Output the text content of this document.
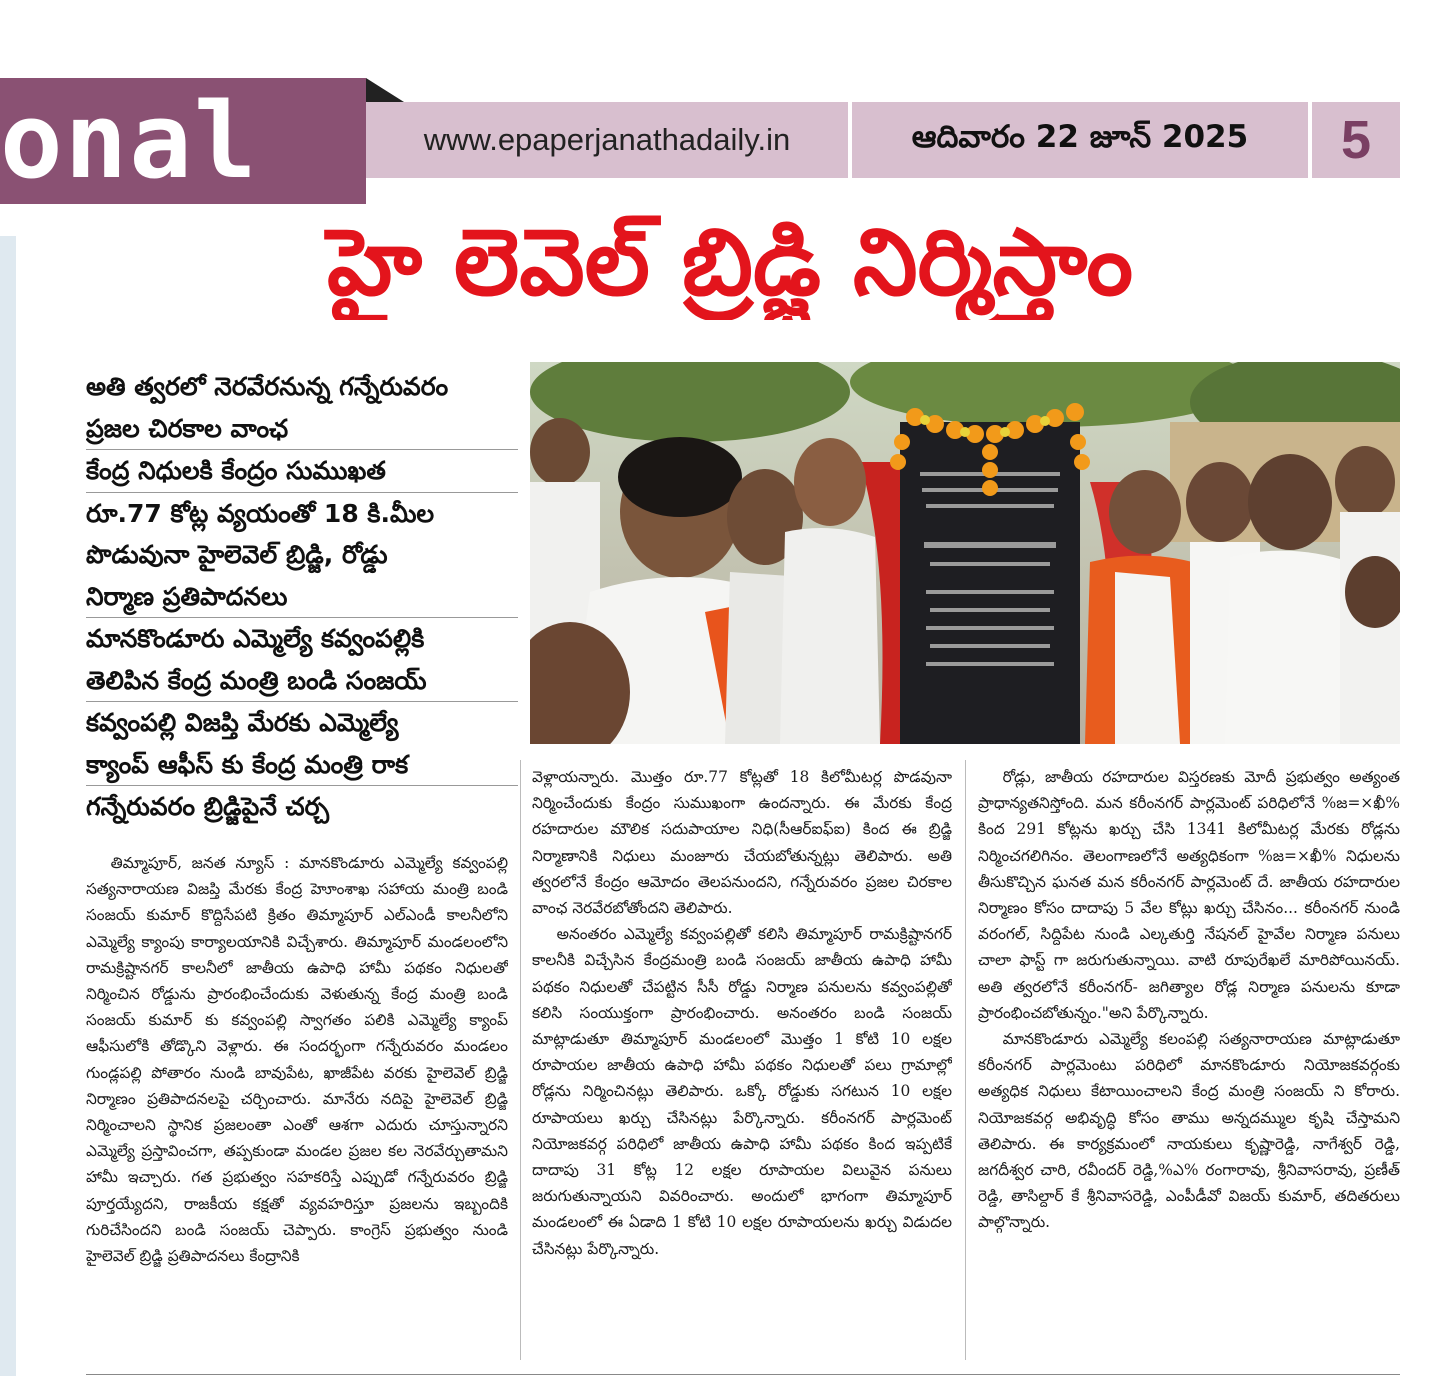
onal	www.epaperjanathadaily.in	ఆదివారం 22 జూన్ 2025	5
హై లెవెల్ బ్రిడ్జి నిర్మిస్తాం
అతి త్వరలో నెరవేరనున్న గన్నేరువరం
ప్రజల చిరకాల వాంఛ
కేంద్ర నిధులకి కేంద్రం సుముఖత
రూ.77 కోట్ల వ్యయంతో 18 కి.మీల
పొడువునా హైలెవెల్ బ్రిడ్జి, రోడ్డు
నిర్మాణ ప్రతిపాదనలు
మానకొండూరు ఎమ్మెల్యే కవ్వంపల్లికి
తెలిపిన కేంద్ర మంత్రి బండి సంజయ్
కవ్వంపల్లి విజప్తి మేరకు ఎమ్మెల్యే
క్యాంప్ ఆఫీస్ కు కేంద్ర మంత్రి రాక
గన్నేరువరం బ్రిడ్జిపైనే చర్చ

తిమ్మాపూర్, జనత న్యూస్ : మానకొండూరు ఎమ్మెల్యే కవ్వంపల్లి సత్యనారాయణ విజప్తి మేరకు కేంద్ర హెూంశాఖ సహాయ మంత్రి బండి సంజయ్ కుమార్ కొద్దిసేపటి క్రితం తిమ్మాపూర్ ఎల్ఎండీ కాలనీలోని ఎమ్మెల్యే క్యాంపు కార్యాలయానికి విచ్చేశారు. తిమ్మాపూర్ మండలంలోని రామక్రిష్టానగర్ కాలనీలో జాతీయ ఉపాధి హామీ పథకం నిధులతో నిర్మించిన రోడ్డును ప్రారంభించేందుకు వెళుతున్న కేంద్ర మంత్రి బండి సంజయ్ కుమార్ కు కవ్వంపల్లి స్వాగతం పలికి ఎమ్మెల్యే క్యాంప్ ఆఫీసులోకి తోడ్కొని వెళ్లారు. ఈ సందర్భంగా గన్నేరువరం మండలం గుండ్లపల్లి పోతారం నుండి బావుపేట, ఖాజీపేట వరకు హైలెవెల్ బ్రిడ్జి నిర్మాణం ప్రతిపాదనలపై చర్చించారు. మానేరు నదిపై హైలెవెల్ బ్రిడ్జి నిర్మించాలని స్థానిక ప్రజలంతా ఎంతో ఆశగా ఎదురు చూస్తున్నారని ఎమ్మెల్యే ప్రస్తావించగా, తప్పకుండా మండల ప్రజల కల నెరవేర్చుతామని హామీ ఇచ్చారు. గత ప్రభుత్వం సహకరిస్తే ఎప్పుడో గన్నేరువరం బ్రిడ్జి పూర్తయ్యేదని, రాజకీయ కక్షతో వ్యవహరిస్తూ ప్రజలను ఇబ్బందికి గురిచేసిందని బండి సంజయ్ చెప్పారు. కాంగ్రెస్ ప్రభుత్వం నుండి హైలెవెల్ బ్రిడ్జి ప్రతిపాదనలు కేంద్రానికి

వెళ్లాయన్నారు. మొత్తం రూ.77 కోట్లతో 18 కిలోమీటర్ల పొడవునా నిర్మించేందుకు కేంద్రం సుముఖంగా ఉందన్నారు. ఈ మేరకు కేంద్ర రహదారుల మౌలిక సదుపాయాల నిధి(సీఆర్ఐఫ్ఐ) కింద ఈ బ్రిడ్జి నిర్మాణానికి నిధులు మంజూరు చేయబోతున్నట్లు తెలిపారు. అతి త్వరలోనే కేంద్రం ఆమోదం తెలపనుందని, గన్నేరువరం ప్రజల చిరకాల వాంఛ నెరవేరబోతోందని తెలిపారు.

అనంతరం ఎమ్మెల్యే కవ్వంపల్లితో కలిసి తిమ్మాపూర్ రామక్రిష్టానగర్ కాలనీకి విచ్చేసిన కేంద్రమంత్రి బండి సంజయ్ జాతీయ ఉపాధి హామీ పథకం నిధులతో చేపట్టిన సీసీ రోడ్డు నిర్మాణ పనులను కవ్వంపల్లితో కలిసి సంయుక్తంగా ప్రారంభించారు. అనంతరం బండి సంజయ్ మాట్లాడుతూ తిమ్మాపూర్ మండలంలో మొత్తం 1 కోటి 10 లక్షల రూపాయల జాతీయ ఉపాధి హామీ పథకం నిధులతో పలు గ్రామాల్లో రోడ్లను నిర్మించినట్లు తెలిపారు. ఒక్కో రోడ్డుకు సగటున 10 లక్షల రూపాయలు ఖర్చు చేసినట్లు పేర్కొన్నారు. కరీంనగర్ పార్లమెంట్ నియోజకవర్గ పరిధిలో జాతీయ ఉపాధి హామీ పథకం కింద ఇప్పటికే దాదాపు 31 కోట్ల 12 లక్షల రూపాయల విలువైన పనులు జరుగుతున్నాయని వివరించారు. అందులో భాగంగా తిమ్మాపూర్ మండలంలో ఈ ఏడాది 1 కోటి 10 లక్షల రూపాయలను ఖర్చు విడుదల చేసినట్లు పేర్కొన్నారు.

రోడ్లు, జాతీయ రహదారుల విస్తరణకు మోదీ ప్రభుత్వం అత్యంత ప్రాధాన్యతనిస్తోంది. మన కరీంనగర్ పార్లమెంట్ పరిధిలోనే %జ=×ఖీ% కింద 291 కోట్లను ఖర్చు చేసి 1341 కిలోమీటర్ల మేరకు రోడ్లను నిర్మించగలిగినం. తెలంగాణలోనే అత్యధికంగా %జ=×ఖీ% నిధులను తీసుకొచ్చిన ఘనత మన కరీంనగర్ పార్లమెంట్ దే. జాతీయ రహదారుల నిర్మాణం కోసం దాదాపు 5 వేల కోట్లు ఖర్చు చేసినం... కరీంనగర్ నుండి వరంగల్, సిద్దిపేట నుండి ఎల్కతుర్తి నేషనల్ హైవేల నిర్మాణ పనులు చాలా ఫాస్ట్ గా జరుగుతున్నాయి. వాటి రూపురేఖలే మారిపోయినయ్. అతి త్వరలోనే కరీంనగర్- జగిత్యాల రోడ్ల నిర్మాణ పనులను కూడా ప్రారంభించబోతున్నం."అని పేర్కొన్నారు.

మానకొండూరు ఎమ్మెల్యే కలంపల్లి సత్యనారాయణ మాట్లాడుతూ కరీంనగర్ పార్లమెంటు పరిధిలో మానకొండూరు నియోజకవర్గంకు అత్యధిక నిధులు కేటాయించాలని కేంద్ర మంత్రి సంజయ్ ని కోరారు. నియోజకవర్గ అభివృద్ధి కోసం తాము అన్నదమ్ముల కృషి చేస్తామని తెలిపారు. ఈ కార్యక్రమంలో నాయకులు కృష్ణారెడ్డి, నాగేశ్వర్ రెడ్డి, జగదీశ్వర చారి, రవీందర్ రెడ్డి,%ఎ% రంగారావు, శ్రీనివాసరావు, ప్రణీత్ రెడ్డి, తాసిల్దార్ కే శ్రీనివాసరెడ్డి, ఎంపీడీవో విజయ్ కుమార్, తదితరులు పాల్గొన్నారు.
